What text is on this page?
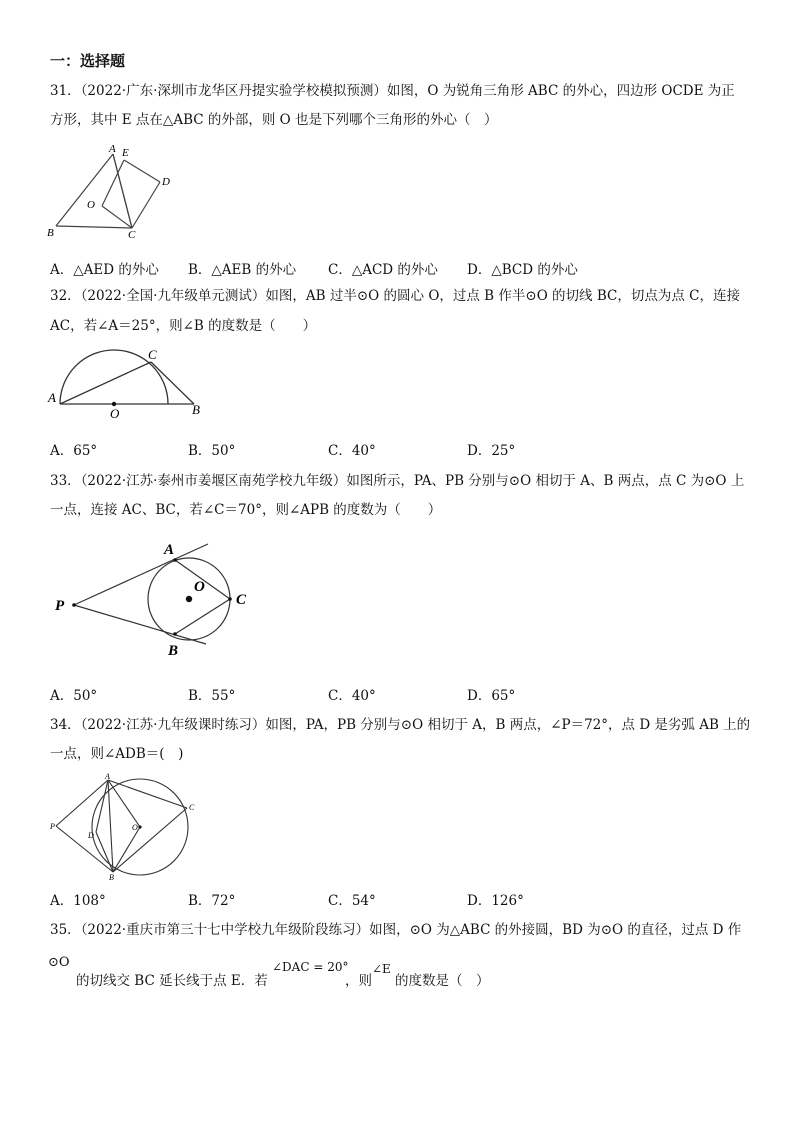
一：选择题
31．（2022·广东·深圳市龙华区丹提实验学校模拟预测）如图，O 为锐角三角形 ABC 的外心，四边形 OCDE 为正
方形，其中 E 点在△ABC 的外部，则 O 也是下列哪个三角形的外心（　）
A E
D
O
B	C
A．△AED 的外心 B．△AEB 的外心 C．△ACD 的外心 D．△BCD 的外心
32．（2022·全国·九年级单元测试）如图，AB 过半⊙O 的圆心 O，过点 B 作半⊙O 的切线 BC，切点为点 C，连接
AC，若∠A＝25°，则∠B 的度数是（　　）
A
C
O	B
A．65°	B．50°	C．40°	D．25°
33．（2022·江苏·泰州市姜堰区南苑学校九年级）如图所示，PA、PB 分别与⊙O 相切于 A、B 两点，点 C 为⊙O 上
一点，连接 AC、BC，若∠C＝70°，则∠APB 的度数为（　　）
A
O
C
P
B
A．50°	B．55°	C．40°	D．65°
34．（2022·江苏·九年级课时练习）如图，PA，PB 分别与⊙O 相切于 A，B 两点，∠P＝72°，点 D 是劣弧 AB 上的
一点，则∠ADB＝(　)
A
C
P
D
O
B
A．108°	B．72°	C．54°	D．126°
35．（2022·重庆市第三十七中学校九年级阶段练习）如图，⊙O 为△ABC 的外接圆，BD 为⊙O 的直径，过点 D 作
⊙O
的切线交 BC 延长线于点 E．若
∠DAC = 20°
，则
∠E
的度数是（　）
